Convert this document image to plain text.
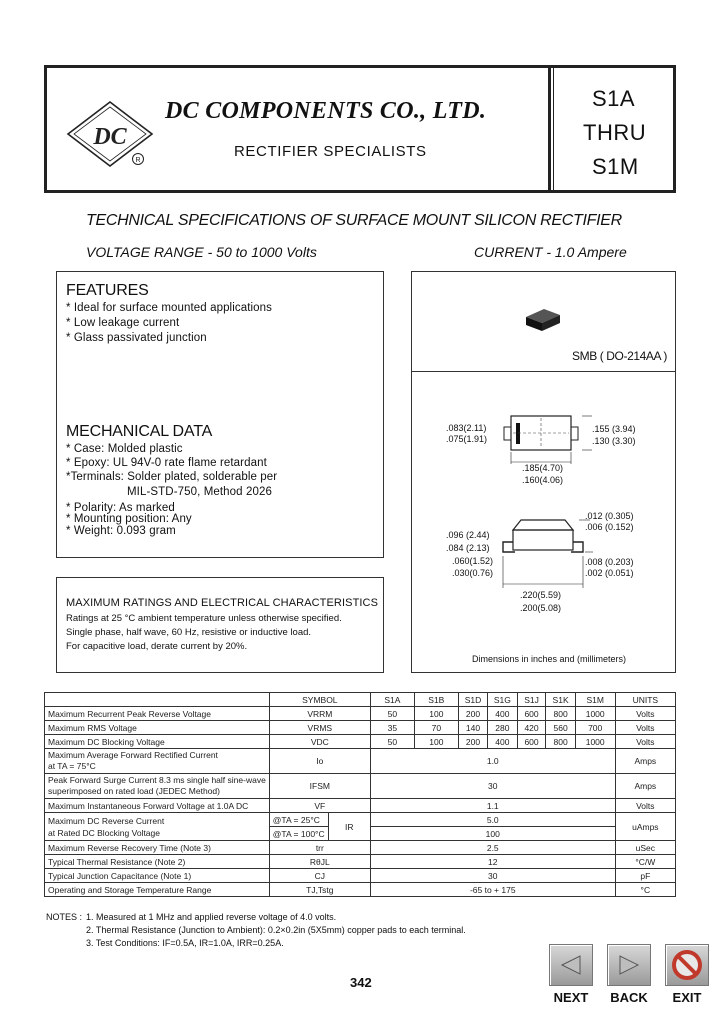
DC
R
DC COMPONENTS CO., LTD.
RECTIFIER SPECIALISTS
S1A
THRU
S1M
TECHNICAL SPECIFICATIONS OF SURFACE MOUNT SILICON RECTIFIER
VOLTAGE RANGE - 50 to 1000 Volts	CURRENT - 1.0 Ampere
FEATURES
* Ideal for surface mounted applications
* Low leakage current
* Glass passivated junction
MECHANICAL DATA
* Case: Molded plastic
* Epoxy: UL 94V-0 rate flame retardant
*Terminals: Solder plated, solderable per
MIL-STD-750, Method 2026
* Polarity: As marked
* Mounting position: Any
* Weight: 0.093 gram
SMB ( DO-214AA )
.083(2.11)
.075(1.91)
.155 (3.94)
.130 (3.30)
.185(4.70)
.160(4.06)
.012 (0.305)
.006 (0.152)
.096 (2.44)
.084 (2.13)
.060(1.52)
.030(0.76)
.008 (0.203)
.002 (0.051)
.220(5.59)
.200(5.08)
Dimensions in inches and (millimeters)
MAXIMUM RATINGS AND ELECTRICAL CHARACTERISTICS
Ratings at 25 °C ambient temperature unless otherwise specified.
Single phase, half wave, 60 Hz, resistive or inductive load.
For capacitive load, derate current by 20%.
	SYMBOL		S1A	S1B	S1D	S1G	S1J	S1K	S1M	UNITS
Maximum Recurrent Peak Reverse Voltage	VRRM		50	100	200	400	600	800	1000	Volts
Maximum RMS Voltage	VRMS		35	70	140	280	420	560	700	Volts
Maximum DC Blocking Voltage	VDC		50	100	200	400	600	800	1000	Volts
Maximum Average Forward Rectified Current
at TA = 75°C	Io		1.0							Amps
Peak Forward Surge Current 8.3 ms single half sine-wave
superimposed on rated load (JEDEC Method)	IFSM		30							Amps
Maximum Instantaneous Forward Voltage at 1.0A DC	VF		1.1							Volts
Maximum DC Reverse Current
at Rated DC Blocking Voltage	@TA = 25°C	IR	5.0							uAmps
	@TA = 100°C		100							
Maximum Reverse Recovery Time (Note 3)	trr		2.5							uSec
Typical Thermal Resistance (Note 2)	RθJL		12							°C/W
Typical Junction Capacitance (Note 1)	CJ		30							pF
Operating and Storage Temperature Range	TJ,Tstg		-65 to + 175							°C
NOTES : 1. Measured at 1 MHz and applied reverse voltage of 4.0 volts.
2. Thermal Resistance (Junction to Ambient): 0.2×0.2in (5X5mm) copper pads to each terminal.
3. Test Conditions: IF=0.5A, IR=1.0A, IRR=0.25A.
342
NEXT	BACK	EXIT
